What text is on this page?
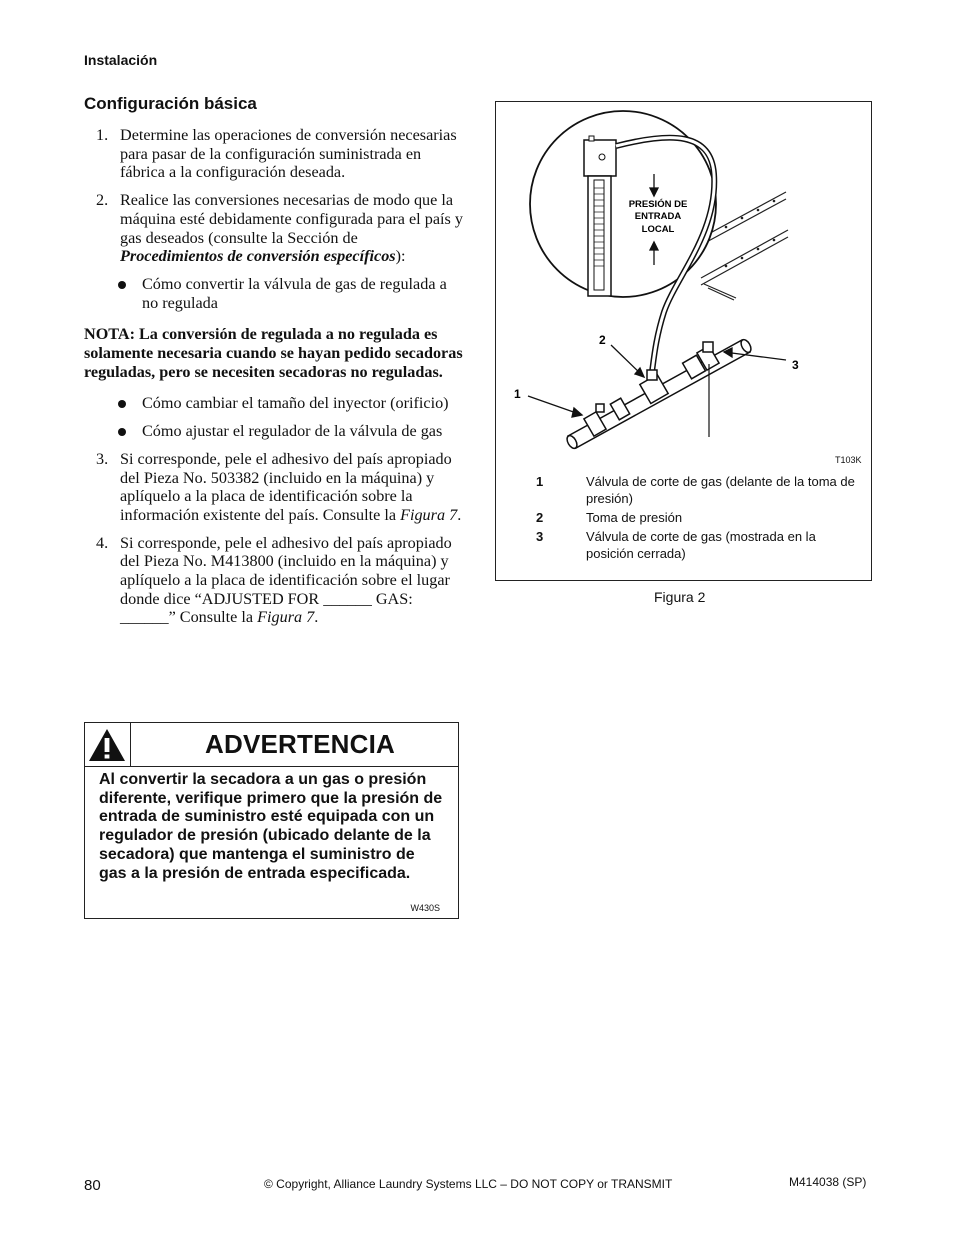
Instalación
Configuración básica
1. Determine las operaciones de conversión necesarias para pasar de la configuración suministrada en fábrica a la configuración deseada.
2. Realice las conversiones necesarias de modo que la máquina esté debidamente configurada para el país y gas deseados (consulte la Sección de Procedimientos de conversión específicos):
Cómo convertir la válvula de gas de regulada a no regulada
NOTA: La conversión de regulada a no regulada es solamente necesaria cuando se hayan pedido secadoras reguladas, pero se necesiten secadoras no reguladas.
Cómo cambiar el tamaño del inyector (orificio)
Cómo ajustar el regulador de la válvula de gas
3. Si corresponde, pele el adhesivo del país apropiado del Pieza No. 503382 (incluido en la máquina) y aplíquelo a la placa de identificación sobre la información existente del país. Consulte la Figura 7.
4. Si corresponde, pele el adhesivo del país apropiado del Pieza No. M413800 (incluido en la máquina) y aplíquelo a la placa de identificación sobre el lugar donde dice “ADJUSTED FOR ______ GAS: ______” Consulte la Figura 7.
ADVERTENCIA
Al convertir la secadora a un gas o presión diferente, verifique primero que la presión de entrada de suministro esté equipada con un regulador de presión (ubicado delante de la secadora) que mantenga el suministro de gas a la presión de entrada especificada.
W430S
PRESIÓN DE
ENTRADA
LOCAL
1
2
3
T103K
1	Válvula de corte de gas (delante de la toma de presión)
2	Toma de presión
3	Válvula de corte de gas (mostrada en la posición cerrada)
Figura 2
80	© Copyright, Alliance Laundry Systems LLC – DO NOT COPY or TRANSMIT	M414038 (SP)
